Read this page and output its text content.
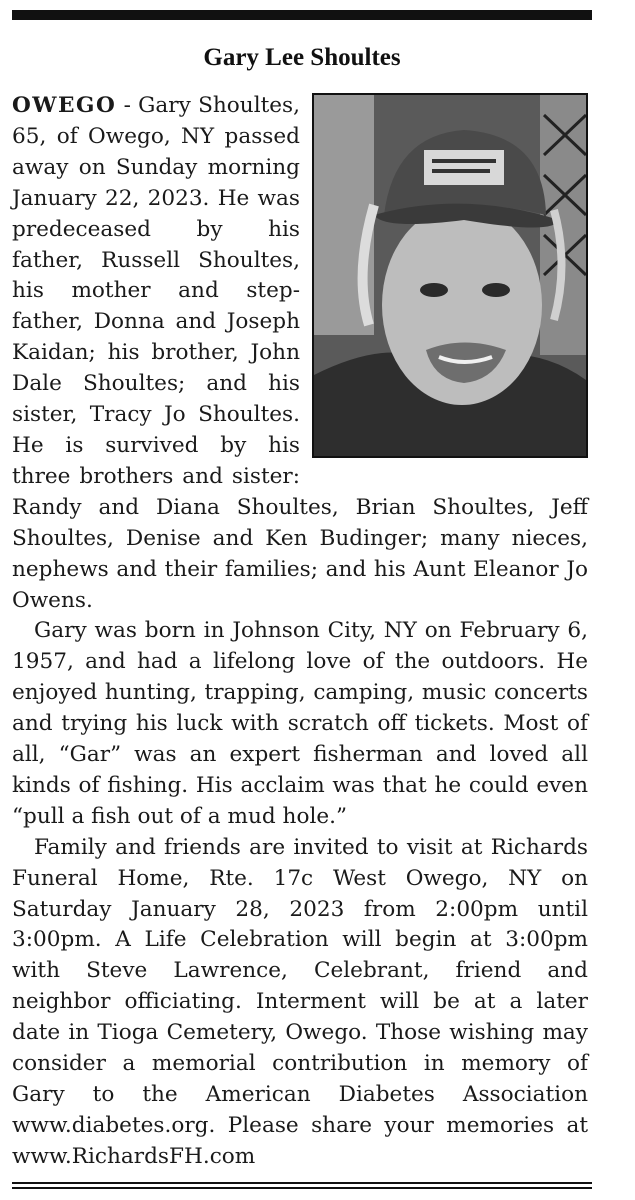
Gary Lee Shoultes

OWEGO - Gary Shoultes, 65, of Owego, NY passed away on Sunday morning January 22, 2023. He was predeceased by his father, Russell Shoultes, his mother and step-father, Donna and Joseph Kaidan; his brother, John Dale Shoultes; and his sister, Tracy Jo Shoultes. He is survived by his three brothers and sister: Randy and Diana Shoultes, Brian Shoultes, Jeff Shoultes, Denise and Ken Budinger; many nieces, nephews and their families; and his Aunt Eleanor Jo Owens.

Gary was born in Johnson City, NY on February 6, 1957, and had a lifelong love of the outdoors. He enjoyed hunting, trapping, camping, music concerts and trying his luck with scratch off tickets. Most of all, “Gar” was an expert fisherman and loved all kinds of fishing. His acclaim was that he could even “pull a fish out of a mud hole.”

Family and friends are invited to visit at Richards Funeral Home, Rte. 17c West Owego, NY on Saturday January 28, 2023 from 2:00pm until 3:00pm. A Life Celebration will begin at 3:00pm with Steve Lawrence, Celebrant, friend and neighbor officiating. Interment will be at a later date in Tioga Cemetery, Owego. Those wishing may consider a memorial contribution in memory of Gary to the American Diabetes Association www.diabetes.org. Please share your memories at www.RichardsFH.com
